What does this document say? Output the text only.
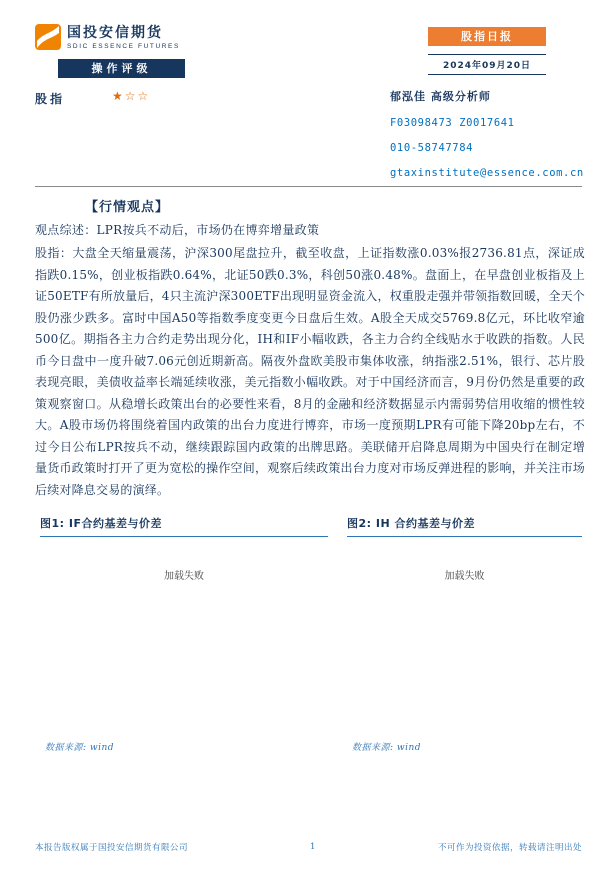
国投安信期货
SDIC ESSENCE FUTURES
股指日报
2024年09月20日
操作评级
股指	★☆☆	郁泓佳 高级分析师
F03098473 Z0017641
010-58747784
gtaxinstitute@essence.com.cn
【行情观点】
观点综述：LPR按兵不动后，市场仍在博弈增量政策
股指：大盘全天缩量震荡，沪深300尾盘拉升，截至收盘，上证指数涨0.03%报2736.81点，深证成指跌0.15%，创业板指跌0.64%，北证50跌0.3%，科创50涨0.48%。盘面上，在早盘创业板指及上证50ETF有所放量后，4只主流沪深300ETF出现明显资金流入，权重股走强并带领指数回暖，全天个股仍涨少跌多。富时中国A50等指数季度变更今日盘后生效。A股全天成交5769.8亿元，环比收窄逾500亿。期指各主力合约走势出现分化，IH和IF小幅收跌，各主力合约全线贴水于收跌的指数。人民币今日盘中一度升破7.06元创近期新高。隔夜外盘欧美股市集体收涨，纳指涨2.51%，银行、芯片股表现亮眼，美债收益率长端延续收涨，美元指数小幅收跌。对于中国经济而言，9月份仍然是重要的政策观察窗口。从稳增长政策出台的必要性来看，8月的金融和经济数据显示内需弱势信用收缩的惯性较大。A股市场仍将围绕着国内政策的出台力度进行博弈，市场一度预期LPR有可能下降20bp左右，不过今日公布LPR按兵不动，继续跟踪国内政策的出牌思路。美联储开启降息周期为中国央行在制定增量货币政策时打开了更为宽松的操作空间，观察后续政策出台力度对市场反弹进程的影响，并关注市场后续对降息交易的演绎。
图1: IF合约基差与价差
加载失败
数据来源: wind
图2: IH 合约基差与价差
加载失败
数据来源: wind
本报告版权属于国投安信期货有限公司	1	不可作为投资依据，转载请注明出处
